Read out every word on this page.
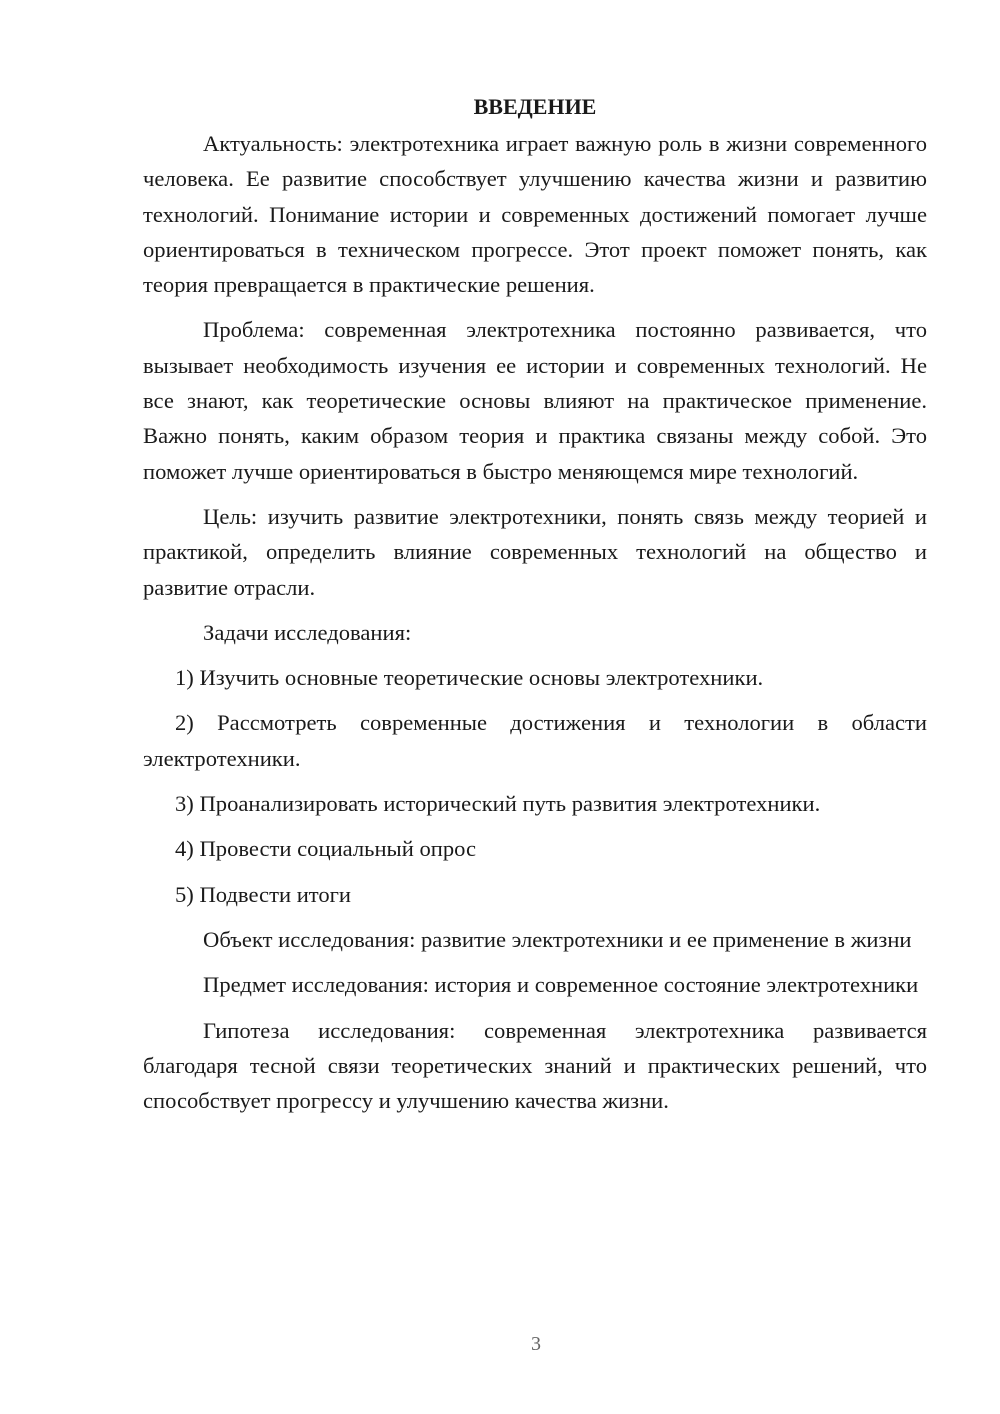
ВВЕДЕНИЕ

Актуальность: электротехника играет важную роль в жизни современного человека. Ее развитие способствует улучшению качества жизни и развитию технологий. Понимание истории и современных достижений помогает лучше ориентироваться в техническом прогрессе. Этот проект поможет понять, как теория превращается в практические решения.

Проблема: современная электротехника постоянно развивается, что вызывает необходимость изучения ее истории и современных технологий. Не все знают, как теоретические основы влияют на практическое применение. Важно понять, каким образом теория и практика связаны между собой. Это поможет лучше ориентироваться в быстро меняющемся мире технологий.

Цель: изучить развитие электротехники, понять связь между теорией и практикой, определить влияние современных технологий на общество и развитие отрасли.

Задачи исследования:

1) Изучить основные теоретические основы электротехники.

2) Рассмотреть современные достижения и технологии в области электротехники.

3) Проанализировать исторический путь развития электротехники.

4) Провести социальный опрос

5) Подвести итоги

Объект исследования: развитие электротехники и ее применение в жизни

Предмет исследования: история и современное состояние электротехники

Гипотеза исследования: современная электротехника развивается благодаря тесной связи теоретических знаний и практических решений, что способствует прогрессу и улучшению качества жизни.

3
